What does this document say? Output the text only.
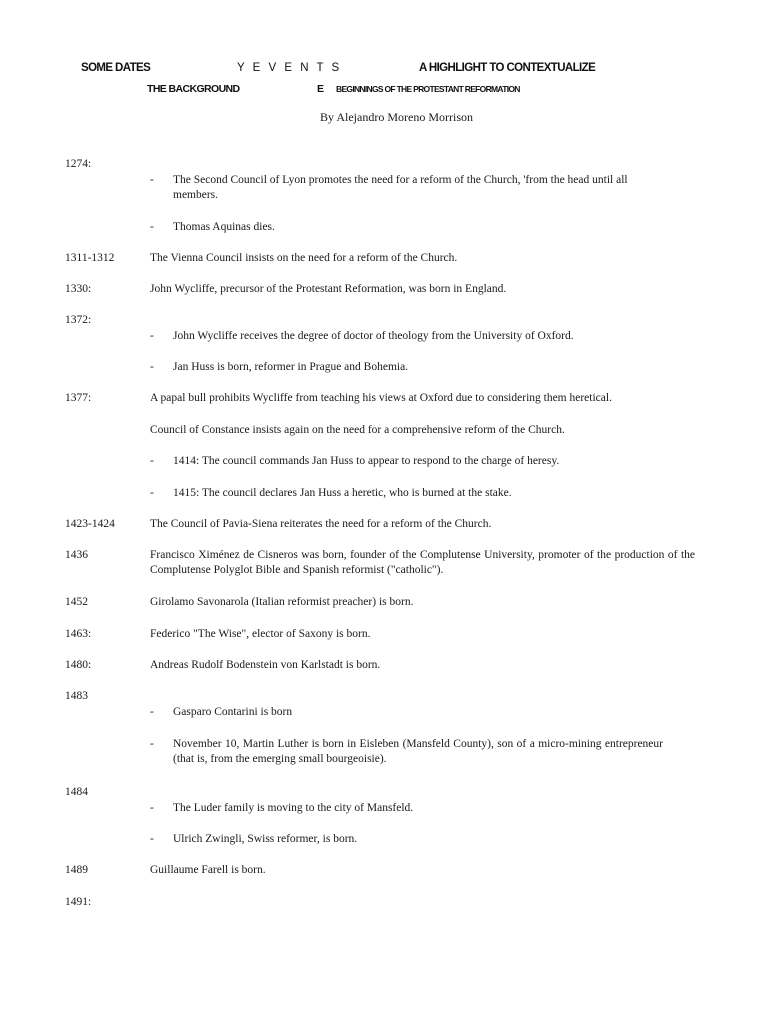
SOME DATES	Y E V E N T S	A HIGHLIGHT TO CONTEXTUALIZE
THE BACKGROUND	E BEGINNINGS OF THE PROTESTANT REFORMATION
By Alejandro Moreno Morrison
1274:
- The Second Council of Lyon promotes the need for a reform of the Church, 'from the head until all members.
- Thomas Aquinas dies.
1311-1312	The Vienna Council insists on the need for a reform of the Church.
1330:	John Wycliffe, precursor of the Protestant Reformation, was born in England.
1372:
- John Wycliffe receives the degree of doctor of theology from the University of Oxford.
- Jan Huss is born, reformer in Prague and Bohemia.
1377:	A papal bull prohibits Wycliffe from teaching his views at Oxford due to considering them heretical.
Council of Constance insists again on the need for a comprehensive reform of the Church.
- 1414: The council commands Jan Huss to appear to respond to the charge of heresy.
- 1415: The council declares Jan Huss a heretic, who is burned at the stake.
1423-1424	The Council of Pavia-Siena reiterates the need for a reform of the Church.
1436	Francisco Ximénez de Cisneros was born, founder of the Complutense University, promoter of the production of the Complutense Polyglot Bible and Spanish reformist ("catholic").
1452	Girolamo Savonarola (Italian reformist preacher) is born.
1463:	Federico "The Wise", elector of Saxony is born.
1480:	Andreas Rudolf Bodenstein von Karlstadt is born.
1483
- Gasparo Contarini is born
- November 10, Martin Luther is born in Eisleben (Mansfeld County), son of a micro-mining entrepreneur (that is, from the emerging small bourgeoisie).
1484
- The Luder family is moving to the city of Mansfeld.
- Ulrich Zwingli, Swiss reformer, is born.
1489	Guillaume Farell is born.
1491:
